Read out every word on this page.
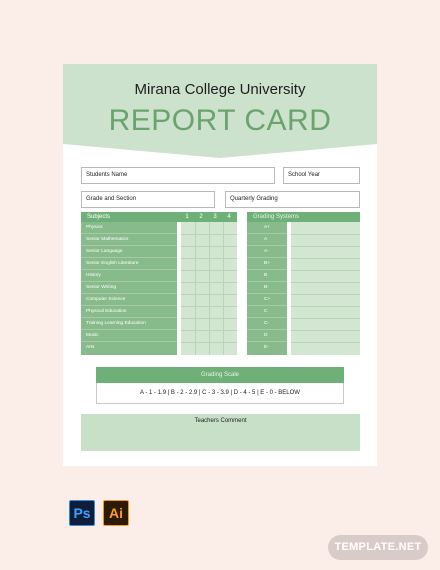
Mirana College University
REPORT CARD
Students Name	School Year
Grade and Section	Quarterly Grading
Subjects	1	2	3	4
Physics
Senior Mathematics
Senior Language
Senior English Literature
History
Senior Writing
Computer Science
Physical Education
Training Learning Education
Music
Arts
Grading Systems
A+
A
A-
B+
B
B-
C+
C
C-
D
E-
Grading Scale
A - 1 - 1.9 | B - 2 - 2.9 | C - 3 - 3.9 | D - 4 - 5 | E - 0 - BELOW
Teachers Comment
Ps	Ai
TEMPLATE.NET
